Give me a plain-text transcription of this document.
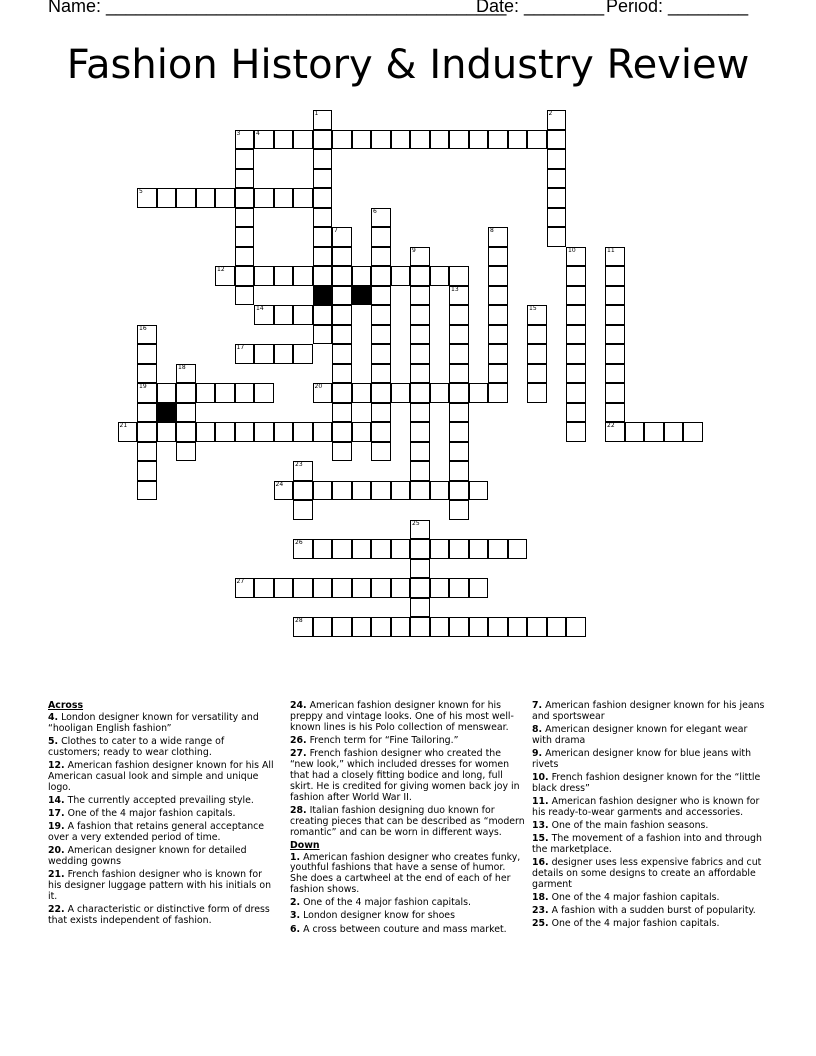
Name: ________________________________________
Date: ________ Period: ________
Fashion History & Industry Review
1	2
3	4
5
6
7	8
9	10	11
12
13
14	15
16
17
18
19	20
21	22
23
24
25
26
27
28

Across

4. London designer known for versatility and “hooligan English fashion”

5. Clothes to cater to a wide range of customers; ready to wear clothing.

12. American fashion designer known for his All American casual look and simple and unique logo.

14. The currently accepted prevailing style.

17. One of the 4 major fashion capitals.

19. A fashion that retains general acceptance over a very extended period of time.

20. American designer known for detailed wedding gowns

21. French fashion designer who is known for his designer luggage pattern with his initials on it.

22. A characteristic or distinctive form of dress that exists independent of fashion.

24. American fashion designer known for his preppy and vintage looks. One of his most well-known lines is his Polo collection of menswear.

26. French term for “Fine Tailoring.”

27. French fashion designer who created the “new look,” which included dresses for women that had a closely fitting bodice and long, full skirt. He is credited for giving women back joy in fashion after World War II.

28. Italian fashion designing duo known for creating pieces that can be described as “modern romantic” and can be worn in different ways.

Down

1. American fashion designer who creates funky, youthful fashions that have a sense of humor. She does a cartwheel at the end of each of her fashion shows.

2. One of the 4 major fashion capitals.

3. London designer know for shoes

6. A cross between couture and mass market.

7. American fashion designer known for his jeans and sportswear

8. American designer known for elegant wear with drama

9. American designer know for blue jeans with rivets

10. French fashion designer known for the “little black dress”

11. American fashion designer who is known for his ready-to-wear garments and accessories.

13. One of the main fashion seasons.

15. The movement of a fashion into and through the marketplace.

16. designer uses less expensive fabrics and cut details on some designs to create an affordable garment

18. One of the 4 major fashion capitals.

23. A fashion with a sudden burst of popularity.

25. One of the 4 major fashion capitals.
